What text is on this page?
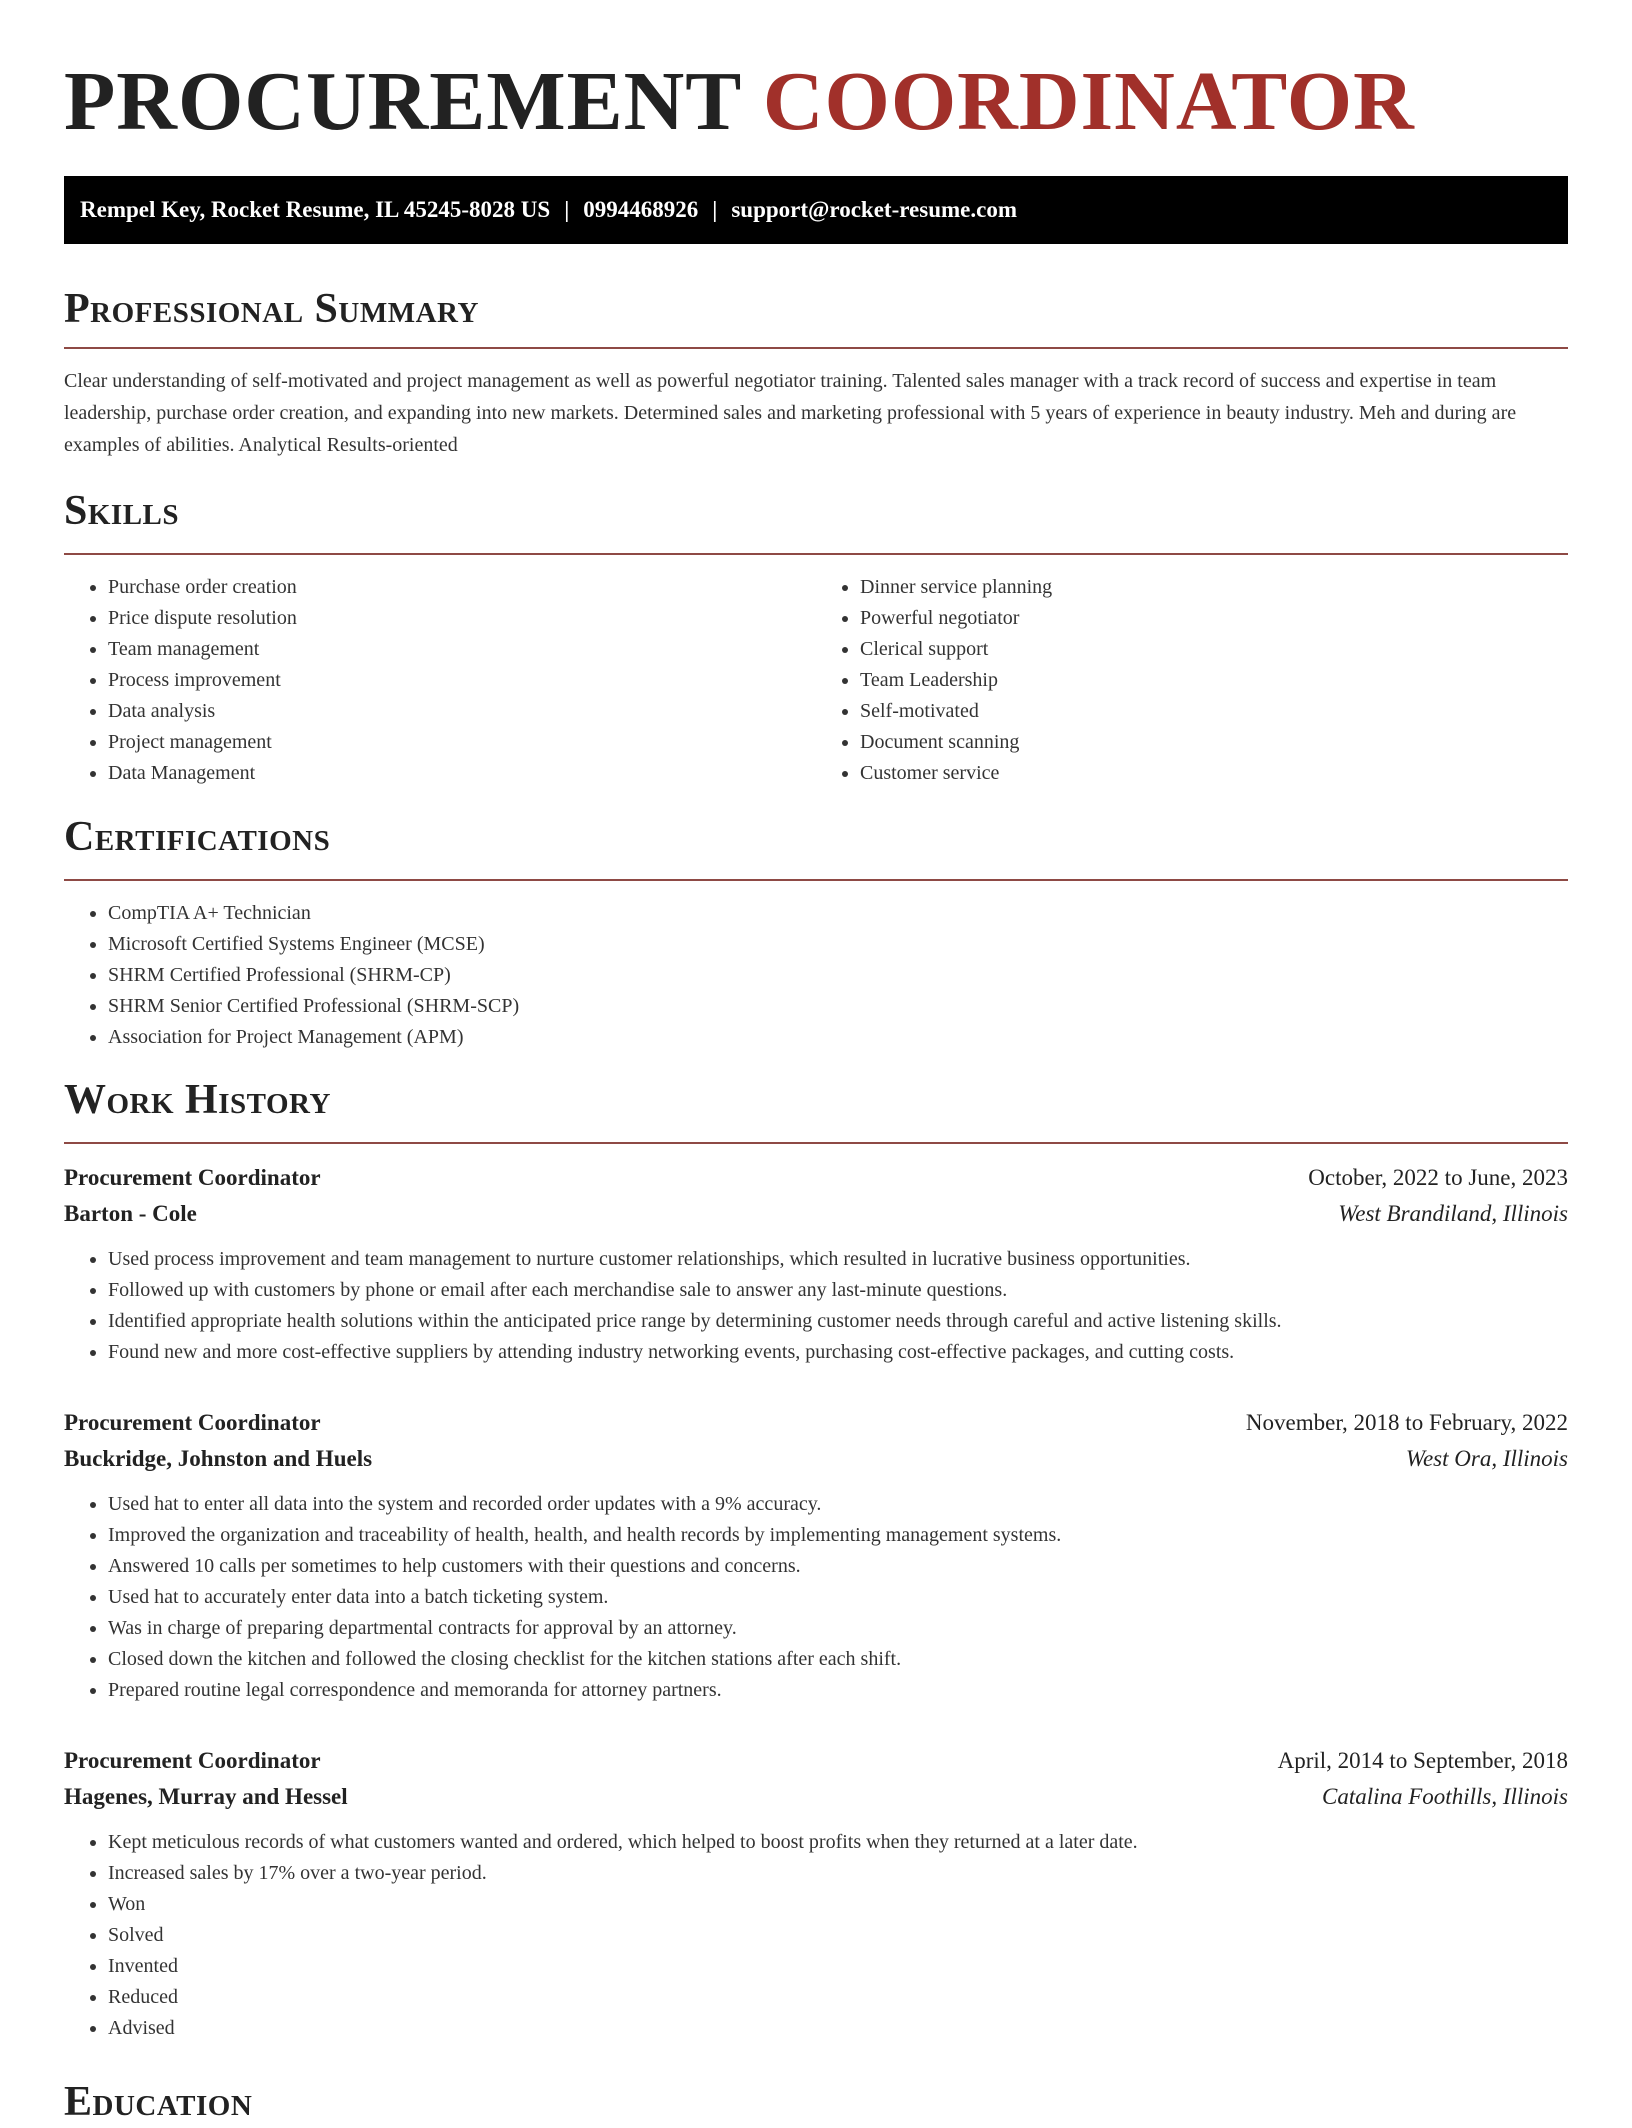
PROCUREMENT COORDINATOR
Rempel Key, Rocket Resume, IL 45245-8028 US | 0994468926 | support@rocket-resume.com
Professional Summary

Clear understanding of self-motivated and project management as well as powerful negotiator training. Talented sales manager with a track record of success and expertise in team leadership, purchase order creation, and expanding into new markets. Determined sales and marketing professional with 5 years of experience in beauty industry. Meh and during are examples of abilities. Analytical Results-oriented

Skills
• Purchase order creation
• Price dispute resolution
• Team management
• Process improvement
• Data analysis
• Project management
• Data Management
• Dinner service planning
• Powerful negotiator
• Clerical support
• Team Leadership
• Self-motivated
• Document scanning
• Customer service
Certifications
• CompTIA A+ Technician
• Microsoft Certified Systems Engineer (MCSE)
• SHRM Certified Professional (SHRM-CP)
• SHRM Senior Certified Professional (SHRM-SCP)
• Association for Project Management (APM)
Work History
Procurement Coordinator	October, 2022 to June, 2023
Barton - Cole	West Brandiland, Illinois
• Used process improvement and team management to nurture customer relationships, which resulted in lucrative business opportunities.
• Followed up with customers by phone or email after each merchandise sale to answer any last-minute questions.
• Identified appropriate health solutions within the anticipated price range by determining customer needs through careful and active listening skills.
• Found new and more cost-effective suppliers by attending industry networking events, purchasing cost-effective packages, and cutting costs.
Procurement Coordinator	November, 2018 to February, 2022
Buckridge, Johnston and Huels	West Ora, Illinois
• Used hat to enter all data into the system and recorded order updates with a 9% accuracy.
• Improved the organization and traceability of health, health, and health records by implementing management systems.
• Answered 10 calls per sometimes to help customers with their questions and concerns.
• Used hat to accurately enter data into a batch ticketing system.
• Was in charge of preparing departmental contracts for approval by an attorney.
• Closed down the kitchen and followed the closing checklist for the kitchen stations after each shift.
• Prepared routine legal correspondence and memoranda for attorney partners.
Procurement Coordinator	April, 2014 to September, 2018
Hagenes, Murray and Hessel	Catalina Foothills, Illinois
• Kept meticulous records of what customers wanted and ordered, which helped to boost profits when they returned at a later date.
• Increased sales by 17% over a two-year period.
• Won
• Solved
• Invented
• Reduced
• Advised
Education
